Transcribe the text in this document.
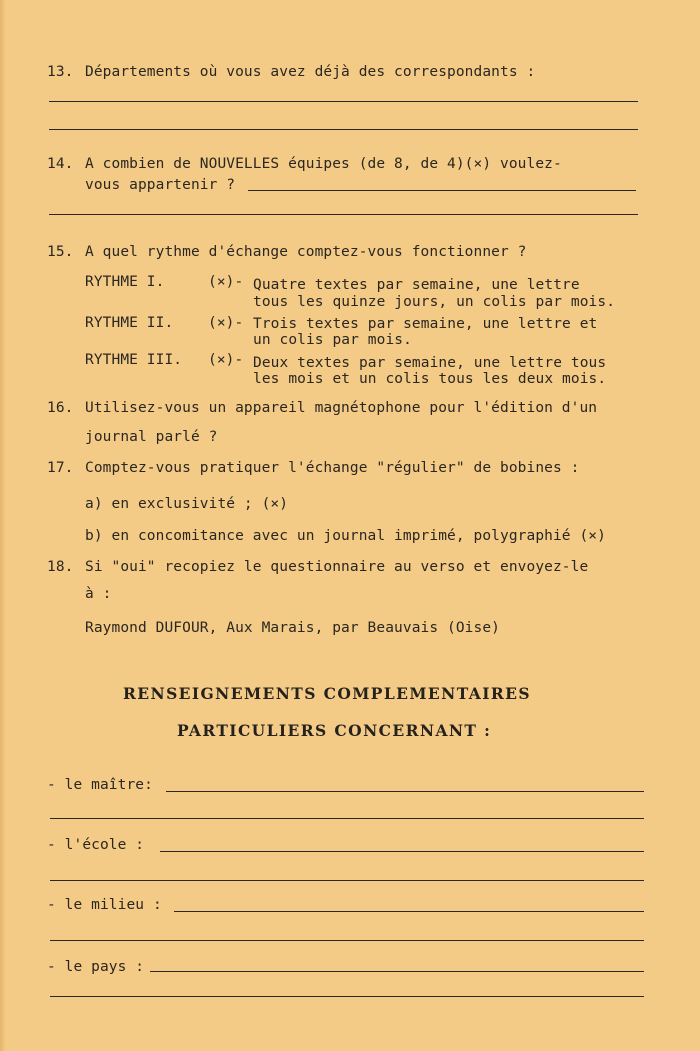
13. Départements où vous avez déjà des correspondants :
14. A combien de NOUVELLES équipes (de 8, de 4)(×) voulez-
vous appartenir ?
15. A quel rythme d'échange comptez-vous fonctionner ?
RYTHME I.	(×)- Quatre textes par semaine, une lettre
tous les quinze jours, un colis par mois.
RYTHME II. (×)- Trois textes par semaine, une lettre et
un colis par mois.
RYTHME III. (×)- Deux textes par semaine, une lettre tous
les mois et un colis tous les deux mois.
16. Utilisez-vous un appareil magnétophone pour l'édition d'un
journal parlé ?
17. Comptez-vous pratiquer l'échange "régulier" de bobines :
a) en exclusivité ; (×)
b) en concomitance avec un journal imprimé, polygraphié (×)
18. Si "oui" recopiez le questionnaire au verso et envoyez-le
à :
Raymond DUFOUR, Aux Marais, par Beauvais (Oise)
RENSEIGNEMENTS COMPLEMENTAIRES
PARTICULIERS CONCERNANT :
- le maître:
- l'école :
- le milieu :
- le pays :
